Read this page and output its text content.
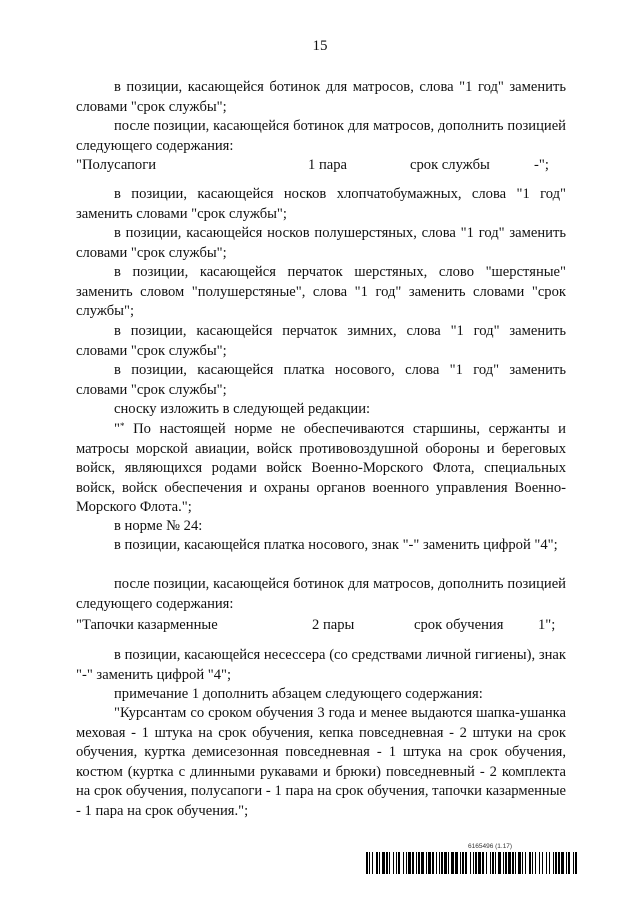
15
в позиции, касающейся ботинок для матросов, слова "1 год" заменить словами "срок службы";
после позиции, касающейся ботинок для матросов, дополнить позицией следующего содержания:
"Полусапоги	1 пара	срок службы	-";
в позиции, касающейся носков хлопчатобумажных, слова "1 год" заменить словами "срок службы";
в позиции, касающейся носков полушерстяных, слова "1 год" заменить словами "срок службы";
в позиции, касающейся перчаток шерстяных, слово "шерстяные" заменить словом "полушерстяные", слова "1 год" заменить словами "срок службы";
в позиции, касающейся перчаток зимних, слова "1 год" заменить словами "срок службы";
в позиции, касающейся платка носового, слова "1 год" заменить словами "срок службы";
сноску изложить в следующей редакции:
"* По настоящей норме не обеспечиваются старшины, сержанты и матросы морской авиации, войск противовоздушной обороны и береговых войск, являющихся родами войск Военно-Морского Флота, специальных войск, войск обеспечения и охраны органов военного управления Военно-Морского Флота.";
в норме № 24:
в позиции, касающейся платка носового, знак "-" заменить цифрой "4";
после позиции, касающейся ботинок для матросов, дополнить позицией следующего содержания:
"Тапочки казарменные	2 пары	срок обучения 1";
в позиции, касающейся несессера (со средствами личной гигиены), знак "-" заменить цифрой "4";
примечание 1 дополнить абзацем следующего содержания:
"Курсантам со сроком обучения 3 года и менее выдаются шапка-ушанка меховая - 1 штука на срок обучения, кепка повседневная - 2 штуки на срок обучения, куртка демисезонная повседневная - 1 штука на срок обучения, костюм (куртка с длинными рукавами и брюки) повседневный - 2 комплекта на срок обучения, полусапоги - 1 пара на срок обучения, тапочки казарменные - 1 пара на срок обучения.";
6165496 (1.17)
